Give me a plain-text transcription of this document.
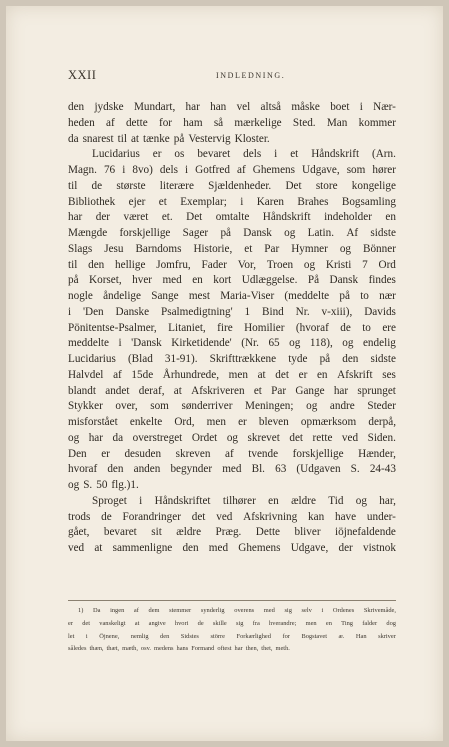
XXII	INDLEDNING.
den jydske Mundart, har han vel altså måske boet i Nær-
heden af dette for ham så mærkelige Sted. Man kommer
da snarest til at tænke på Vestervig Kloster.
Lucidarius er os bevaret dels i et Håndskrift (Arn.
Magn. 76 i 8vo) dels i Gotfred af Ghemens Udgave, som hører
til de største literære Sjældenheder. Det store kongelige
Bibliothek ejer et Exemplar; i Karen Brahes Bogsamling
har der været et. Det omtalte Håndskrift indeholder en
Mængde forskjellige Sager på Dansk og Latin. Af sidste
Slags Jesu Barndoms Historie, et Par Hymner og Bönner
til den hellige Jomfru, Fader Vor, Troen og Kristi 7 Ord
på Korset, hver med en kort Udlæggelse. På Dansk findes
nogle åndelige Sange mest Maria-Viser (meddelte på to nær
i 'Den Danske Psalmedigtning' 1 Bind Nr. v-xiii), Davids
Pönitentse-Psalmer, Litaniet, fire Homilier (hvoraf de to ere
meddelte i 'Dansk Kirketidende' (Nr. 65 og 118), og endelig
Lucidarius (Blad 31-91). Skrifttrækkene tyde på den sidste
Halvdel af 15de Århundrede, men at det er en Afskrift ses
blandt andet deraf, at Afskriveren et Par Gange har sprunget
Stykker over, som sønderriver Meningen; og andre Steder
misforstået enkelte Ord, men er bleven opmærksom derpå,
og har da overstreget Ordet og skrevet det rette ved Siden.
Den er desuden skreven af tvende forskjellige Hænder,
hvoraf den anden begynder med Bl. 63 (Udgaven S. 24-43
og S. 50 flg.)1.
Sproget i Håndskriftet tilhører en ældre Tid og har,
trods de Forandringer det ved Afskrivning kan have under-
gået, bevaret sit ældre Præg. Dette bliver iöjnefaldende
ved at sammenligne den med Ghemens Udgave, der vistnok
1) Da ingen af dem stemmer synderlig overens med sig selv i Ordenes Skrivemåde,
er det vanskeligt at angive hvori de skille sig fra hverandre; men en Ting falder dog
let i Öjnene, nemlig den Sidstes större Forkærlighed for Bogstavet æ. Han skriver
således thæn, thæt, mæth, osv. medens hans Formand oftest har then, thet, meth.
